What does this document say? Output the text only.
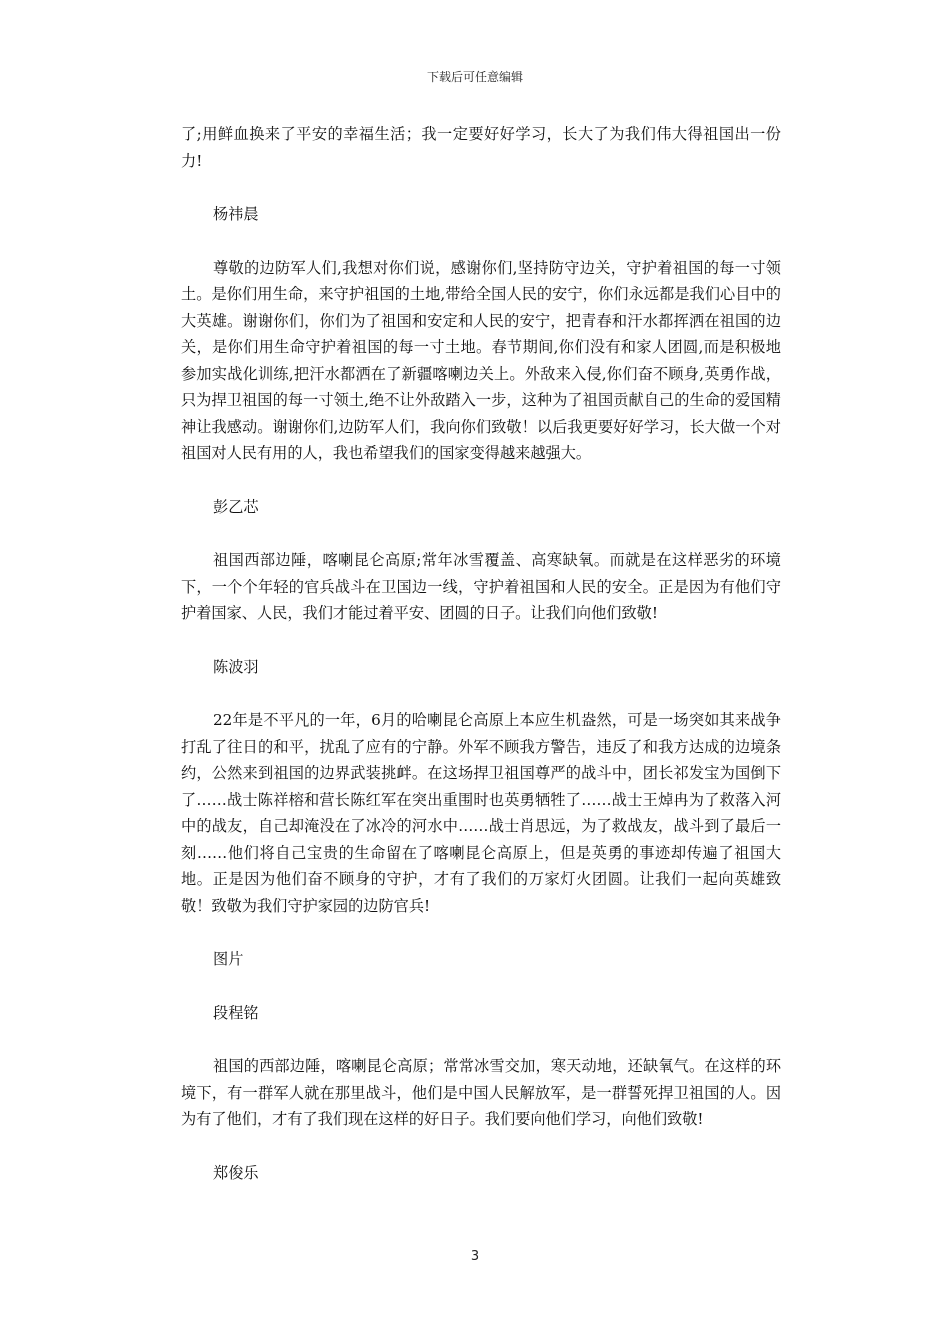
下载后可任意编辑

了;用鲜血换来了平安的幸福生活；我一定要好好学习，长大了为我们伟大得祖国出一份力!

杨祎晨

尊敬的边防军人们,我想对你们说，感谢你们,坚持防守边关，守护着祖国的每一寸领土。是你们用生命，来守护祖国的土地,带给全国人民的安宁，你们永远都是我们心目中的大英雄。谢谢你们，你们为了祖国和安定和人民的安宁，把青春和汗水都挥洒在祖国的边关，是你们用生命守护着祖国的每一寸土地。春节期间,你们没有和家人团圆,而是积极地参加实战化训练,把汗水都洒在了新疆喀喇边关上。外敌来入侵,你们奋不顾身,英勇作战，只为捍卫祖国的每一寸领土,绝不让外敌踏入一步，这种为了祖国贡献自己的生命的爱国精神让我感动。谢谢你们,边防军人们，我向你们致敬！以后我更要好好学习，长大做一个对祖国对人民有用的人，我也希望我们的国家变得越来越强大。

彭乙芯

祖国西部边陲，喀喇昆仑高原;常年冰雪覆盖、高寒缺氧。而就是在这样恶劣的环境下，一个个年轻的官兵战斗在卫国边一线，守护着祖国和人民的安全。正是因为有他们守护着国家、人民，我们才能过着平安、团圆的日子。让我们向他们致敬!

陈波羽

22年是不平凡的一年，6月的哈喇昆仑高原上本应生机盎然，可是一场突如其来战争打乱了往日的和平，扰乱了应有的宁静。外军不顾我方警告，违反了和我方达成的边境条约，公然来到祖国的边界武装挑衅。在这场捍卫祖国尊严的战斗中，团长祁发宝为国倒下了……战士陈祥榕和营长陈红军在突出重围时也英勇牺牲了……战士王焯冉为了救落入河中的战友，自己却淹没在了冰冷的河水中……战士肖思远，为了救战友，战斗到了最后一刻……他们将自己宝贵的生命留在了喀喇昆仑高原上，但是英勇的事迹却传遍了祖国大地。正是因为他们奋不顾身的守护，才有了我们的万家灯火团圆。让我们一起向英雄致敬！致敬为我们守护家园的边防官兵!

图片

段程铭

祖国的西部边陲，喀喇昆仑高原；常常冰雪交加，寒天动地，还缺氧气。在这样的环境下，有一群军人就在那里战斗，他们是中国人民解放军，是一群誓死捍卫祖国的人。因为有了他们，才有了我们现在这样的好日子。我们要向他们学习，向他们致敬!

郑俊乐

3
